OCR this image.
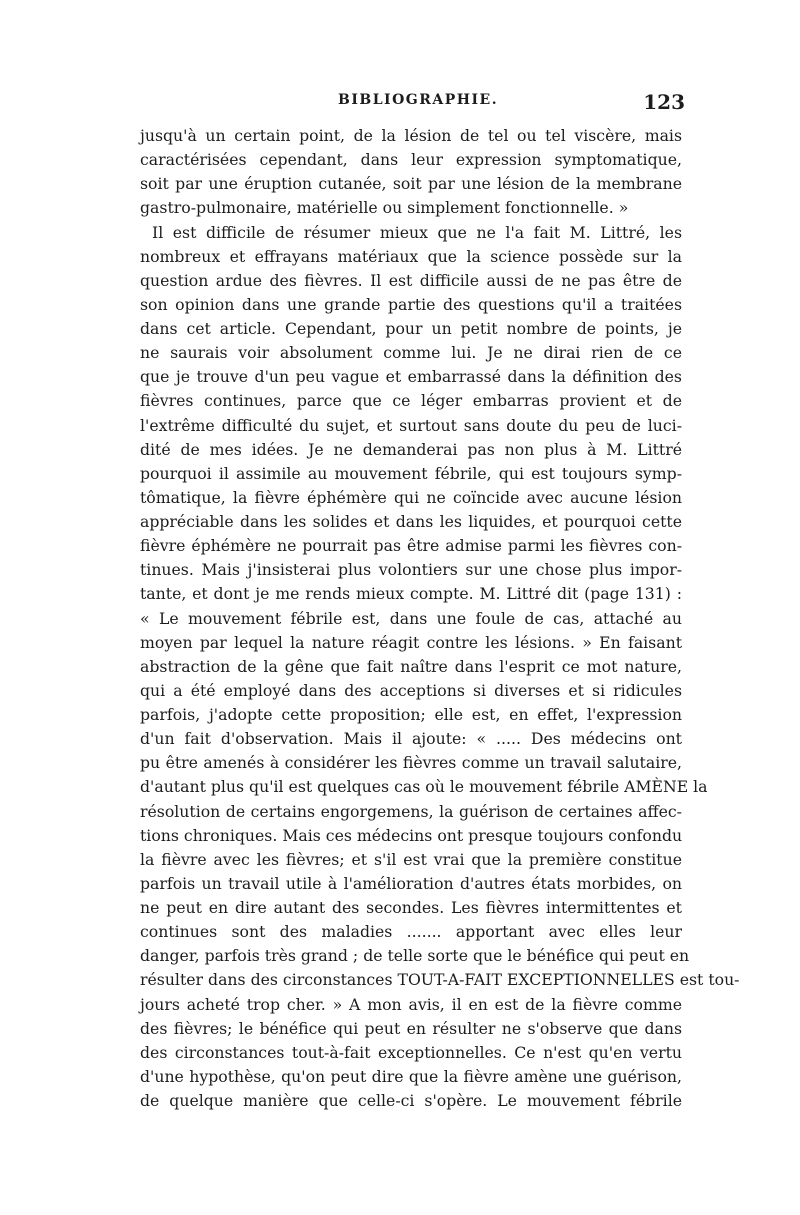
BIBLIOGRAPHIE.	123
jusqu'à un certain point, de la lésion de tel ou tel viscère, mais
caractérisées cependant, dans leur expression symptomatique,
soit par une éruption cutanée, soit par une lésion de la membrane
gastro-pulmonaire, matérielle ou simplement fonctionnelle. »
Il est difficile de résumer mieux que ne l'a fait M. Littré, les
nombreux et effrayans matériaux que la science possède sur la
question ardue des fièvres. Il est difficile aussi de ne pas être de
son opinion dans une grande partie des questions qu'il a traitées
dans cet article. Cependant, pour un petit nombre de points, je
ne saurais voir absolument comme lui. Je ne dirai rien de ce
que je trouve d'un peu vague et embarrassé dans la définition des
fièvres continues, parce que ce léger embarras provient et de
l'extrême difficulté du sujet, et surtout sans doute du peu de luci-
dité de mes idées. Je ne demanderai pas non plus à M. Littré
pourquoi il assimile au mouvement fébrile, qui est toujours symp-
tômatique, la fièvre éphémère qui ne coïncide avec aucune lésion
appréciable dans les solides et dans les liquides, et pourquoi cette
fièvre éphémère ne pourrait pas être admise parmi les fièvres con-
tinues. Mais j'insisterai plus volontiers sur une chose plus impor-
tante, et dont je me rends mieux compte. M. Littré dit (page 131) :
« Le mouvement fébrile est, dans une foule de cas, attaché au
moyen par lequel la nature réagit contre les lésions. » En faisant
abstraction de la gêne que fait naître dans l'esprit ce mot nature,
qui a été employé dans des acceptions si diverses et si ridicules
parfois, j'adopte cette proposition; elle est, en effet, l'expression
d'un fait d'observation. Mais il ajoute: « ..... Des médecins ont
pu être amenés à considérer les fièvres comme un travail salutaire,
d'autant plus qu'il est quelques cas où le mouvement fébrile AMÈNE la
résolution de certains engorgemens, la guérison de certaines affec-
tions chroniques. Mais ces médecins ont presque toujours confondu
la fièvre avec les fièvres; et s'il est vrai que la première constitue
parfois un travail utile à l'amélioration d'autres états morbides, on
ne peut en dire autant des secondes. Les fièvres intermittentes et
continues sont des maladies ....... apportant avec elles leur
danger, parfois très grand ; de telle sorte que le bénéfice qui peut en
résulter dans des circonstances TOUT-A-FAIT EXCEPTIONNELLES est tou-
jours acheté trop cher. » A mon avis, il en est de la fièvre comme
des fièvres; le bénéfice qui peut en résulter ne s'observe que dans
des circonstances tout-à-fait exceptionnelles. Ce n'est qu'en vertu
d'une hypothèse, qu'on peut dire que la fièvre amène une guérison,
de quelque manière que celle-ci s'opère. Le mouvement fébrile
